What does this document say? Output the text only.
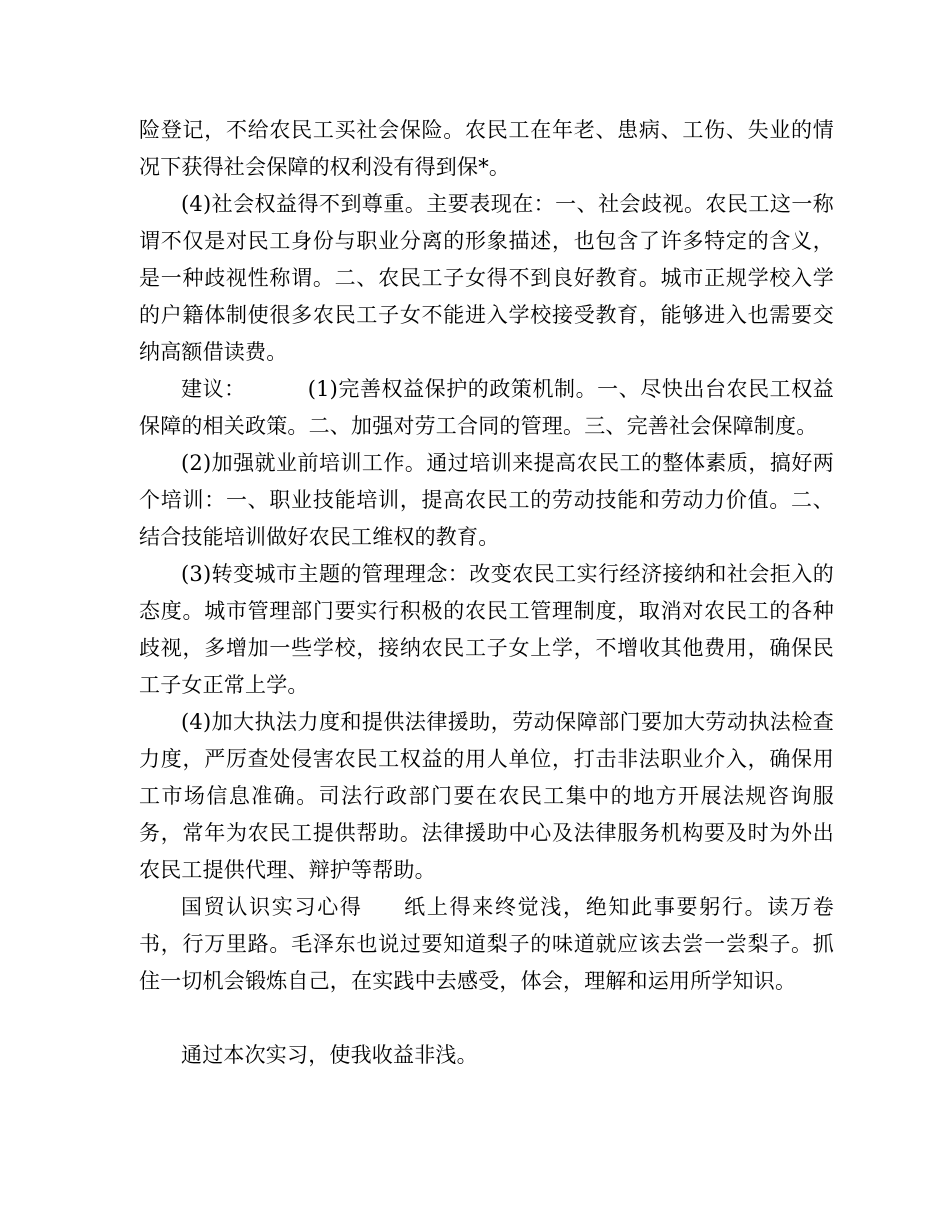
险登记，不给农民工买社会保险。农民工在年老、患病、工伤、失业的情况下获得社会保障的权利没有得到保*。

(4)社会权益得不到尊重。主要表现在：一、社会歧视。农民工这一称谓不仅是对民工身份与职业分离的形象描述，也包含了许多特定的含义，是一种歧视性称谓。二、农民工子女得不到良好教育。城市正规学校入学的户籍体制使很多农民工子女不能进入学校接受教育，能够进入也需要交纳高额借读费。

建议：	(1)完善权益保护的政策机制。一、尽快出台农民工权益保障的相关政策。二、加强对劳工合同的管理。三、完善社会保障制度。

(2)加强就业前培训工作。通过培训来提高农民工的整体素质，搞好两个培训：一、职业技能培训，提高农民工的劳动技能和劳动力价值。二、结合技能培训做好农民工维权的教育。

(3)转变城市主题的管理理念：改变农民工实行经济接纳和社会拒入的态度。城市管理部门要实行积极的农民工管理制度，取消对农民工的各种歧视，多增加一些学校，接纳农民工子女上学，不增收其他费用，确保民工子女正常上学。

(4)加大执法力度和提供法律援助，劳动保障部门要加大劳动执法检查力度，严厉查处侵害农民工权益的用人单位，打击非法职业介入，确保用工市场信息准确。司法行政部门要在农民工集中的地方开展法规咨询服务，常年为农民工提供帮助。法律援助中心及法律服务机构要及时为外出农民工提供代理、辩护等帮助。

国贸认识实习心得 纸上得来终觉浅，绝知此事要躬行。读万卷书，行万里路。毛泽东也说过要知道梨子的味道就应该去尝一尝梨子。抓住一切机会锻炼自己，在实践中去感受，体会，理解和运用所学知识。

通过本次实习，使我收益非浅。
